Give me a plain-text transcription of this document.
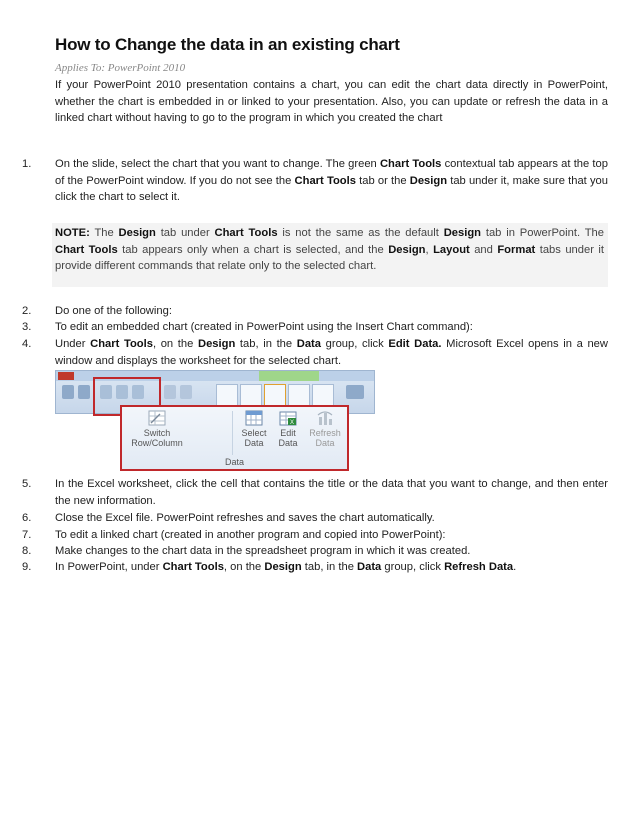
How to Change the data in an existing chart
Applies To: PowerPoint 2010

If your PowerPoint 2010 presentation contains a chart, you can edit the chart data directly in PowerPoint, whether the chart is embedded in or linked to your presentation. Also, you can update or refresh the data in a linked chart without having to go to the program in which you created the chart

1.	On the slide, select the chart that you want to change. The green Chart Tools contextual tab appears at the top of the PowerPoint window. If you do not see the Chart Tools tab or the Design tab under it, make sure that you click the chart to select it.
NOTE: The Design tab under Chart Tools is not the same as the default Design tab in PowerPoint. The Chart Tools tab appears only when a chart is selected, and the Design, Layout and Format tabs under it provide different commands that relate only to the selected chart.
2.	Do one of the following:
3.	To edit an embedded chart (created in PowerPoint using the Insert Chart command):
4.	Under Chart Tools, on the Design tab, in the Data group, click Edit Data. Microsoft Excel opens in a new window and displays the worksheet for the selected chart.
5.	In the Excel worksheet, click the cell that contains the title or the data that you want to change, and then enter the new information.
6.	Close the Excel file. PowerPoint refreshes and saves the chart automatically.
7.	To edit a linked chart (created in another program and copied into PowerPoint):
8.	Make changes to the chart data in the spreadsheet program in which it was created.
9.	In PowerPoint, under Chart Tools, on the Design tab, in the Data group, click Refresh Data.
Switch Row/Column
Select Data
X
Edit Data
Refresh Data
Data
